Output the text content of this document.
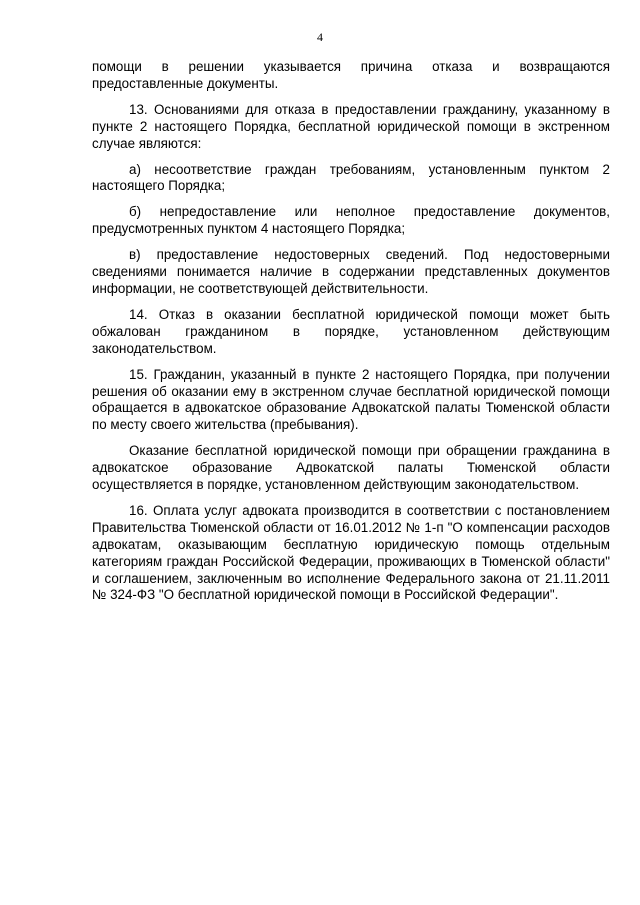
4

помощи в решении указывается причина отказа и возвращаются предоставленные документы.

13. Основаниями для отказа в предоставлении гражданину, указанному в пункте 2 настоящего Порядка, бесплатной юридической помощи в экстренном случае являются:

а) несоответствие граждан требованиям, установленным пунктом 2 настоящего Порядка;

б) непредоставление или неполное предоставление документов, предусмотренных пунктом 4 настоящего Порядка;

в) предоставление недостоверных сведений. Под недостоверными сведениями понимается наличие в содержании представленных документов информации, не соответствующей действительности.

14. Отказ в оказании бесплатной юридической помощи может быть обжалован гражданином в порядке, установленном действующим законодательством.

15. Гражданин, указанный в пункте 2 настоящего Порядка, при получении решения об оказании ему в экстренном случае бесплатной юридической помощи обращается в адвокатское образование Адвокатской палаты Тюменской области по месту своего жительства (пребывания).

Оказание бесплатной юридической помощи при обращении гражданина в адвокатское образование Адвокатской палаты Тюменской области осуществляется в порядке, установленном действующим законодательством.

16. Оплата услуг адвоката производится в соответствии с постановлением Правительства Тюменской области от 16.01.2012 № 1-п "О компенсации расходов адвокатам, оказывающим бесплатную юридическую помощь отдельным категориям граждан Российской Федерации, проживающих в Тюменской области" и соглашением, заключенным во исполнение Федерального закона от 21.11.2011 № 324-ФЗ "О бесплатной юридической помощи в Российской Федерации".
